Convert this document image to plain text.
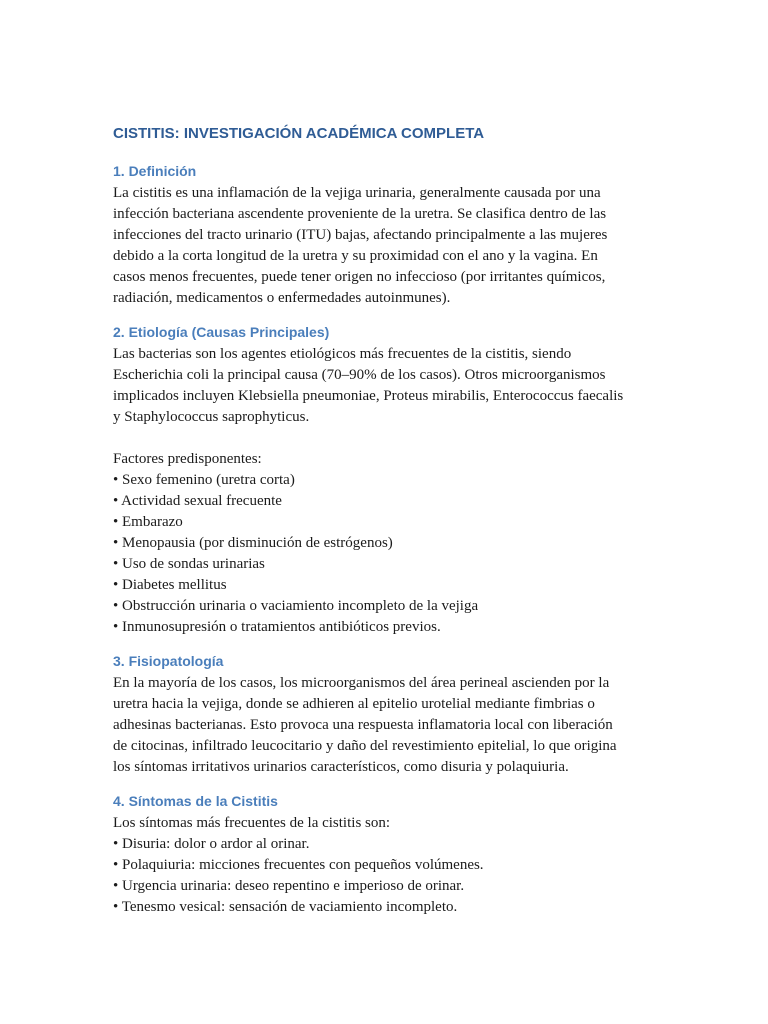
CISTITIS: INVESTIGACIÓN ACADÉMICA COMPLETA
1. Definición
La cistitis es una inflamación de la vejiga urinaria, generalmente causada por una
infección bacteriana ascendente proveniente de la uretra. Se clasifica dentro de las
infecciones del tracto urinario (ITU) bajas, afectando principalmente a las mujeres
debido a la corta longitud de la uretra y su proximidad con el ano y la vagina. En
casos menos frecuentes, puede tener origen no infeccioso (por irritantes químicos,
radiación, medicamentos o enfermedades autoinmunes).
2. Etiología (Causas Principales)
Las bacterias son los agentes etiológicos más frecuentes de la cistitis, siendo
Escherichia coli la principal causa (70–90% de los casos). Otros microorganismos
implicados incluyen Klebsiella pneumoniae, Proteus mirabilis, Enterococcus faecalis
y Staphylococcus saprophyticus.
Factores predisponentes:
• Sexo femenino (uretra corta)
• Actividad sexual frecuente
• Embarazo
• Menopausia (por disminución de estrógenos)
• Uso de sondas urinarias
• Diabetes mellitus
• Obstrucción urinaria o vaciamiento incompleto de la vejiga
• Inmunosupresión o tratamientos antibióticos previos.
3. Fisiopatología
En la mayoría de los casos, los microorganismos del área perineal ascienden por la
uretra hacia la vejiga, donde se adhieren al epitelio urotelial mediante fimbrias o
adhesinas bacterianas. Esto provoca una respuesta inflamatoria local con liberación
de citocinas, infiltrado leucocitario y daño del revestimiento epitelial, lo que origina
los síntomas irritativos urinarios característicos, como disuria y polaquiuria.
4. Síntomas de la Cistitis
Los síntomas más frecuentes de la cistitis son:
• Disuria: dolor o ardor al orinar.
• Polaquiuria: micciones frecuentes con pequeños volúmenes.
• Urgencia urinaria: deseo repentino e imperioso de orinar.
• Tenesmo vesical: sensación de vaciamiento incompleto.
